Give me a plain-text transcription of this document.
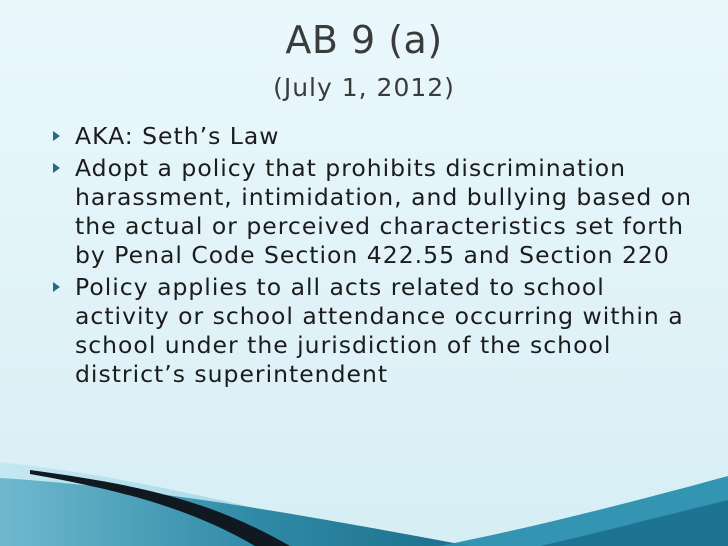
AB 9 (a)
(July 1, 2012)
AKA: Seth’s Law
Adopt a policy that prohibits discrimination harassment, intimidation, and bullying based on the actual or perceived characteristics set forth by Penal Code Section 422.55 and Section 220
Policy applies to all acts related to school activity or school attendance occurring within a school under the jurisdiction of the school district’s superintendent
